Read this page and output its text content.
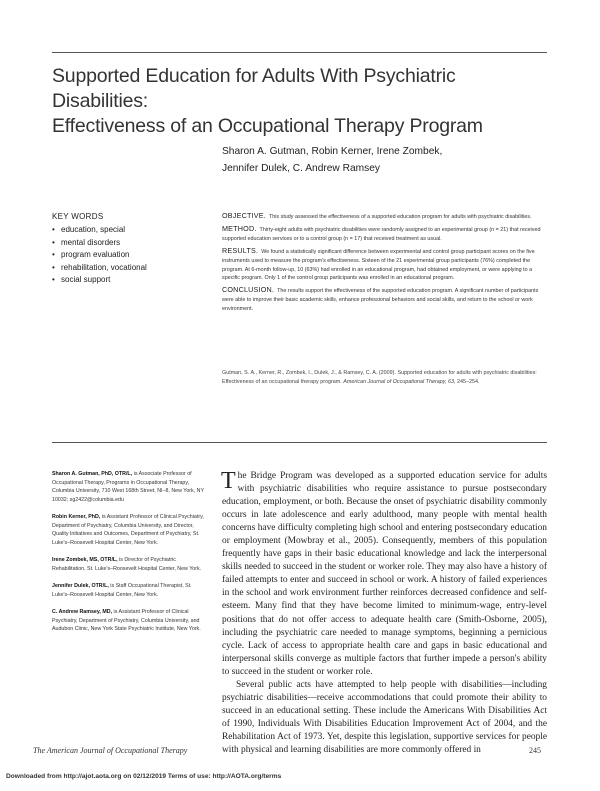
Supported Education for Adults With Psychiatric Disabilities:
Effectiveness of an Occupational Therapy Program
Sharon A. Gutman, Robin Kerner, Irene Zombek,
Jennifer Dulek, C. Andrew Ramsey
KEY WORDS
• education, special
• mental disorders
• program evaluation
• rehabilitation, vocational
• social support

OBJECTIVE. This study assessed the effectiveness of a supported education program for adults with psychiatric disabilities.

METHOD. Thirty-eight adults with psychiatric disabilities were randomly assigned to an experimental group (n = 21) that received supported education services or to a control group (n = 17) that received treatment as usual.

RESULTS. We found a statistically significant difference between experimental and control group participant scores on the five instruments used to measure the program's effectiveness. Sixteen of the 21 experimental group participants (76%) completed the program. At 6-month follow-up, 10 (63%) had enrolled in an educational program, had obtained employment, or were applying to a specific program. Only 1 of the control group participants was enrolled in an educational program.

CONCLUSION. The results support the effectiveness of the supported education program. A significant number of participants were able to improve their basic academic skills, enhance professional behaviors and social skills, and return to the school or work environment.

Gutman, S. A., Kerner, R., Zombek, I., Dulek, J., & Ramsey, C. A. (2009). Supported education for adults with psychiatric disabilities: Effectiveness of an occupational therapy program. American Journal of Occupational Therapy, 63, 245–254.

Sharon A. Gutman, PhD, OTR/L, is Associate Professor of Occupational Therapy, Programs in Occupational Therapy, Columbia University, 710 West 168th Street, NI–8, New York, NY 10032; sg2422@columbia.edu

Robin Kerner, PhD, is Assistant Professor of Clinical Psychiatry, Department of Psychiatry, Columbia University, and Director, Quality Initiatives and Outcomes, Department of Psychiatry, St. Luke's–Roosevelt Hospital Center, New York.

Irene Zombek, MS, OTR/L, is Director of Psychiatric Rehabilitation, St. Luke's–Roosevelt Hospital Center, New York.

Jennifer Dulek, OTR/L, is Staff Occupational Therapist, St. Luke's–Roosevelt Hospital Center, New York.

C. Andrew Ramsey, MD, is Assistant Professor of Clinical Psychiatry, Department of Psychiatry, Columbia University, and Audubon Clinic, New York State Psychiatric Institute, New York.

The Bridge Program was developed as a supported education service for adults with psychiatric disabilities who require assistance to pursue postsecondary education, employment, or both. Because the onset of psychiatric disability commonly occurs in late adolescence and early adulthood, many people with mental health concerns have difficulty completing high school and entering postsecondary education or employment (Mowbray et al., 2005). Consequently, members of this population frequently have gaps in their basic educational knowledge and lack the interpersonal skills needed to succeed in the student or worker role. They may also have a history of failed attempts to enter and succeed in school or work. A history of failed experiences in the school and work environment further reinforces decreased confidence and self-esteem. Many find that they have become limited to minimum-wage, entry-level positions that do not offer access to adequate health care (Smith-Osborne, 2005), including the psychiatric care needed to manage symptoms, beginning a pernicious cycle. Lack of access to appropriate health care and gaps in basic educational and interpersonal skills converge as multiple factors that further impede a person's ability to succeed in the student or worker role.

Several public acts have attempted to help people with disabilities—including psychiatric disabilities—receive accommodations that could promote their ability to succeed in an educational setting. These include the Americans With Disabilities Act of 1990, Individuals With Disabilities Education Improvement Act of 2004, and the Rehabilitation Act of 1973. Yet, despite this legislation, supportive services for people with physical and learning disabilities are more commonly offered in

The American Journal of Occupational Therapy	245
Downloaded from http://ajot.aota.org on 02/12/2019 Terms of use: http://AOTA.org/terms
